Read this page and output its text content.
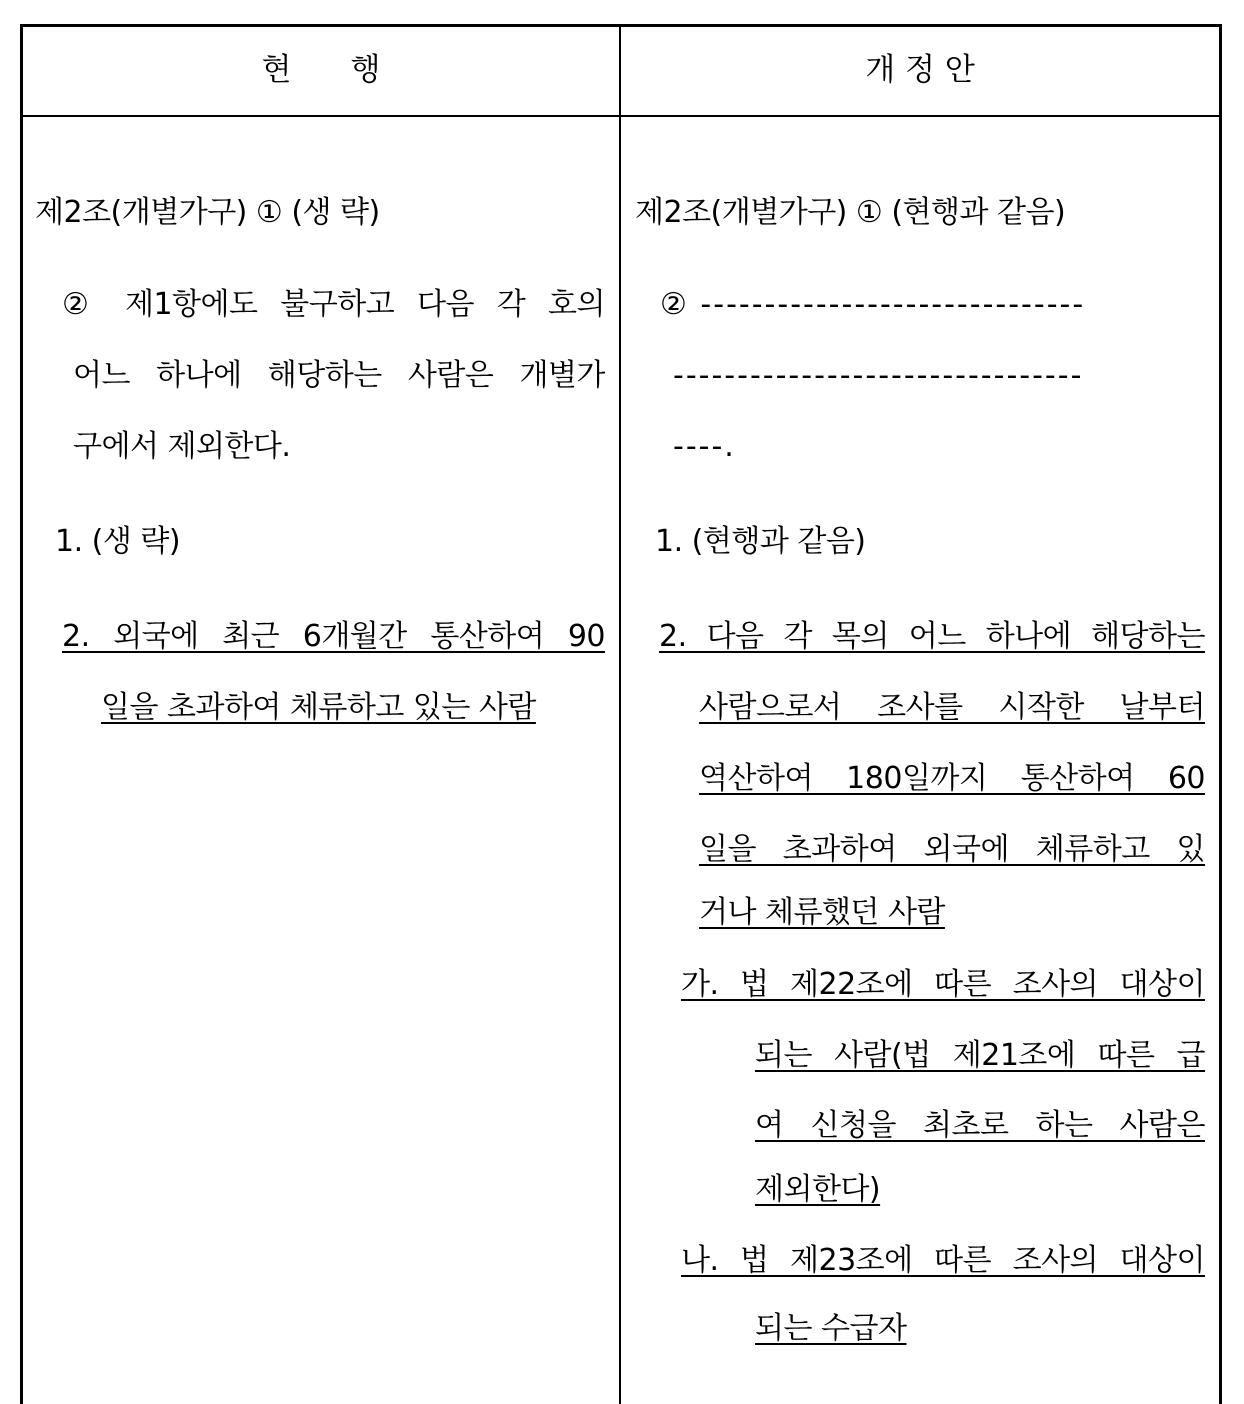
현      행	개 정 안
제2조(개별가구) ① (생 략)
② 제1항에도 불구하고 다음 각 호의
어느 하나에 해당하는 사람은 개별가
구에서 제외한다.
1. (생 략)
2. 외국에 최근 6개월간 통산하여 90
일을 초과하여 체류하고 있는 사람
제2조(개별가구) ① (현행과 같음)
② ------------------------------
--------------------------------
----.
1. (현행과 같음)
2. 다음 각 목의 어느 하나에 해당하는
사람으로서 조사를 시작한 날부터
역산하여 180일까지 통산하여 60
일을 초과하여 외국에 체류하고 있
거나 체류했던 사람
가. 법 제22조에 따른 조사의 대상이
되는 사람(법 제21조에 따른 급
여 신청을 최초로 하는 사람은
제외한다)
나. 법 제23조에 따른 조사의 대상이
되는 수급자
